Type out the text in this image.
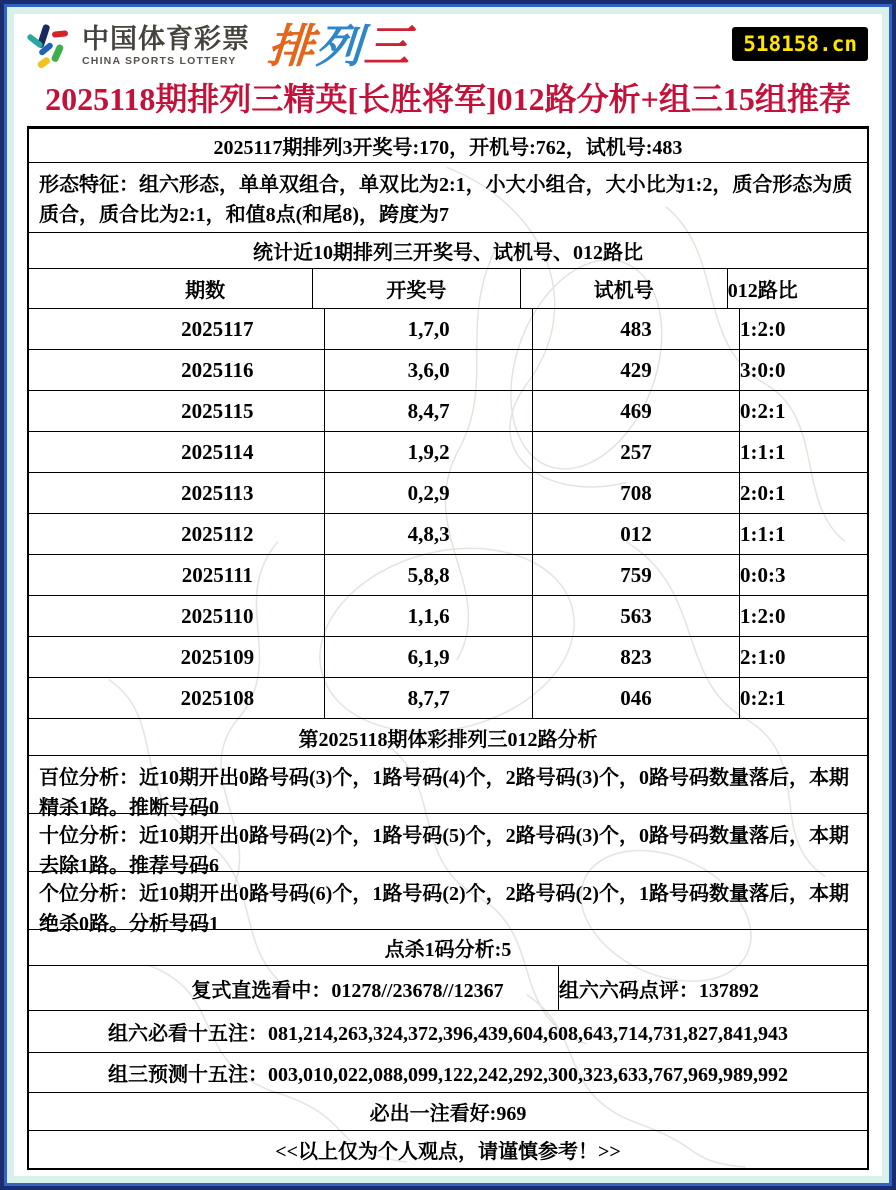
中国体育彩票
CHINA SPORTS LOTTERY 排列三	518158.cn
2025118期排列三精英[长胜将军]012路分析+组三15组推荐
2025117期排列3开奖号:170，开机号:762，试机号:483
形态特征：组六形态，单单双组合，单双比为2:1，小大小组合，大小比为1:2，质合形态为质质合，质合比为2:1，和值8点(和尾8)，跨度为7
统计近10期排列三开奖号、试机号、012路比
期数	开奖号	试机号	012路比
2025117	1,7,0	483	1:2:0
2025116	3,6,0	429	3:0:0
2025115	8,4,7	469	0:2:1
2025114	1,9,2	257	1:1:1
2025113	0,2,9	708	2:0:1
2025112	4,8,3	012	1:1:1
2025111	5,8,8	759	0:0:3
2025110	1,1,6	563	1:2:0
2025109	6,1,9	823	2:1:0
2025108	8,7,7	046	0:2:1
第2025118期体彩排列三012路分析
百位分析：近10期开出0路号码(3)个，1路号码(4)个，2路号码(3)个，0路号码数量落后，本期精杀1路。推断号码0
十位分析：近10期开出0路号码(2)个，1路号码(5)个，2路号码(3)个，0路号码数量落后，本期去除1路。推荐号码6
个位分析：近10期开出0路号码(6)个，1路号码(2)个，2路号码(2)个，1路号码数量落后，本期绝杀0路。分析号码1
点杀1码分析:5
复式直选看中：01278//23678//12367	组六六码点评：137892
组六必看十五注：081,214,263,324,372,396,439,604,608,643,714,731,827,841,943
组三预测十五注：003,010,022,088,099,122,242,292,300,323,633,767,969,989,992
必出一注看好:969
<<以上仅为个人观点，请谨慎参考！>>
